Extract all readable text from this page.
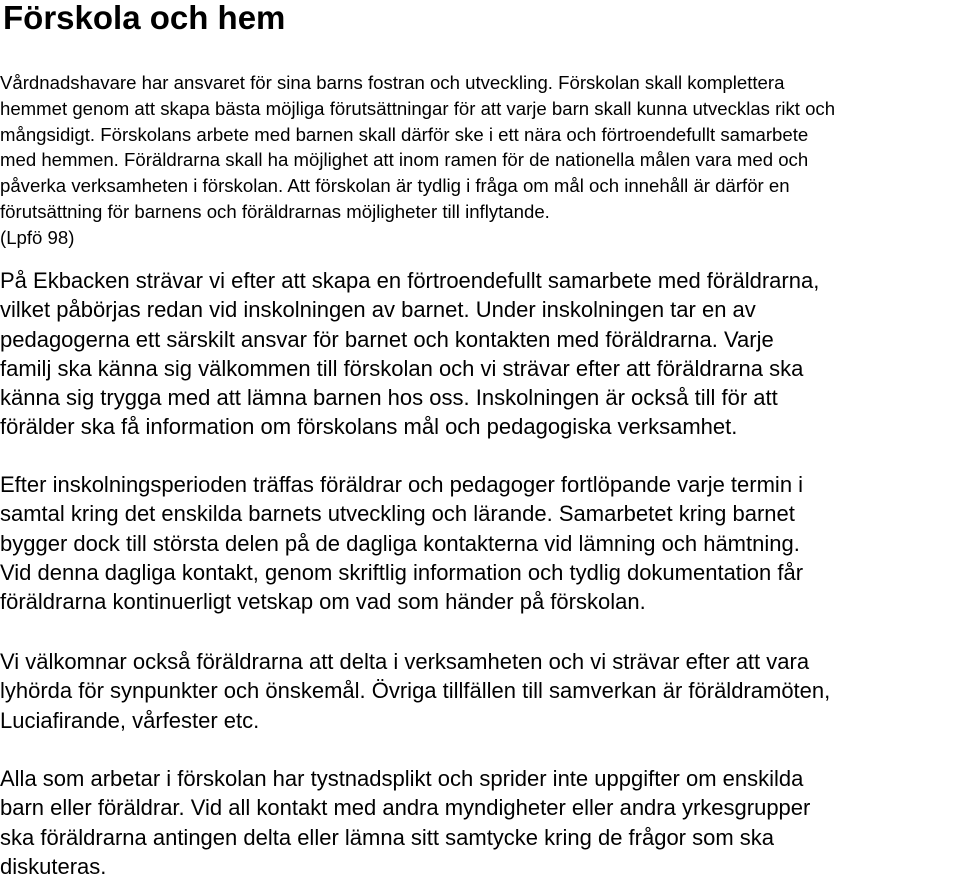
Förskola och hem

Vårdnadshavare har ansvaret för sina barns fostran och utveckling. Förskolan skall komplettera
hemmet genom att skapa bästa möjliga förutsättningar för att varje barn skall kunna utvecklas rikt och
mångsidigt. Förskolans arbete med barnen skall därför ske i ett nära och förtroendefullt samarbete
med hemmen. Föräldrarna skall ha möjlighet att inom ramen för de nationella målen vara med och
påverka verksamheten i förskolan. Att förskolan är tydlig i fråga om mål och innehåll är därför en
förutsättning för barnens och föräldrarnas möjligheter till inflytande.
(Lpfö 98)

På Ekbacken strävar vi efter att skapa en förtroendefullt samarbete med föräldrarna,
vilket påbörjas redan vid inskolningen av barnet. Under inskolningen tar en av
pedagogerna ett särskilt ansvar för barnet och kontakten med föräldrarna. Varje
familj ska känna sig välkommen till förskolan och vi strävar efter att föräldrarna ska
känna sig trygga med att lämna barnen hos oss. Inskolningen är också till för att
förälder ska få information om förskolans mål och pedagogiska verksamhet.

Efter inskolningsperioden träffas föräldrar och pedagoger fortlöpande varje termin i
samtal kring det enskilda barnets utveckling och lärande. Samarbetet kring barnet
bygger dock till största delen på de dagliga kontakterna vid lämning och hämtning.
Vid denna dagliga kontakt, genom skriftlig information och tydlig dokumentation får
föräldrarna kontinuerligt vetskap om vad som händer på förskolan.

Vi välkomnar också föräldrarna att delta i verksamheten och vi strävar efter att vara
lyhörda för synpunkter och önskemål. Övriga tillfällen till samverkan är föräldramöten,
Luciafirande, vårfester etc.

Alla som arbetar i förskolan har tystnadsplikt och sprider inte uppgifter om enskilda
barn eller föräldrar. Vid all kontakt med andra myndigheter eller andra yrkesgrupper
ska föräldrarna antingen delta eller lämna sitt samtycke kring de frågor som ska
diskuteras.
